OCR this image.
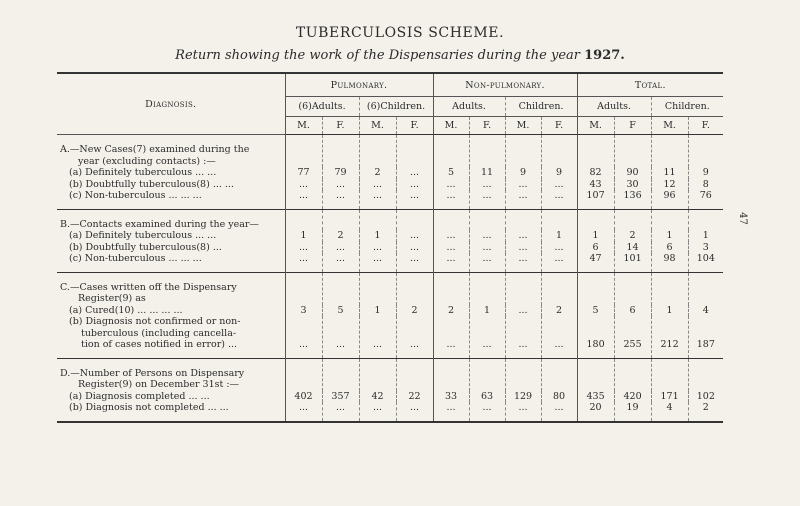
TUBERCULOSIS SCHEME.
Return showing the work of the Dispensaries during the year 1927.
47
Diagnosis.	Pulmonary.				Non-pulmonary.				Total.			
	(6)Adults.		(6)Children.		Adults.		Children.		Adults.		Children.	
	M.	F.	M.	F.	M.	F.	M.	F.	M.	F	M.	F.

A.—New Cases(7) examined during the
year (excluding contacts) :—												

(a) Definitely tuberculous ... ...	77	79	2	...	5	11	9	9	82	90	11	9

(b) Doubtfully tuberculous(8) ... ...	...	...	...	...	...	...	...	...	43	30	12	8

(c) Non-tuberculous ... ... ...	...	...	...	...	...	...	...	...	107	136	96	76

B.—Contacts examined during the year—												

(a) Definitely tuberculous ... ...	1	2	1	...	...	...	...	1	1	2	1	1

(b) Doubtfully tuberculous(8) ...	...	...	...	...	...	...	...	...	6	14	6	3

(c) Non-tuberculous ... ... ...	...	...	...	...	...	...	...	...	47	101	98	104

C.—Cases written off the Dispensary
Register(9) as												

(a) Cured(10) ... ... ... ...	3	5	1	2	2	1	...	2	5	6	1	4

(b) Diagnosis not confirmed or non-
tuberculous (including cancella-
tion of cases notified in error) ...	...	...	...	...	...	...	...	...	180	255	212	187

D.—Number of Persons on Dispensary
Register(9) on December 31st :—												

(a) Diagnosis completed ... ...	402	357	42	22	33	63	129	80	435	420	171	102

(b) Diagnosis not completed ... ...	...	...	...	...	...	...	...	...	20	19	4	2
